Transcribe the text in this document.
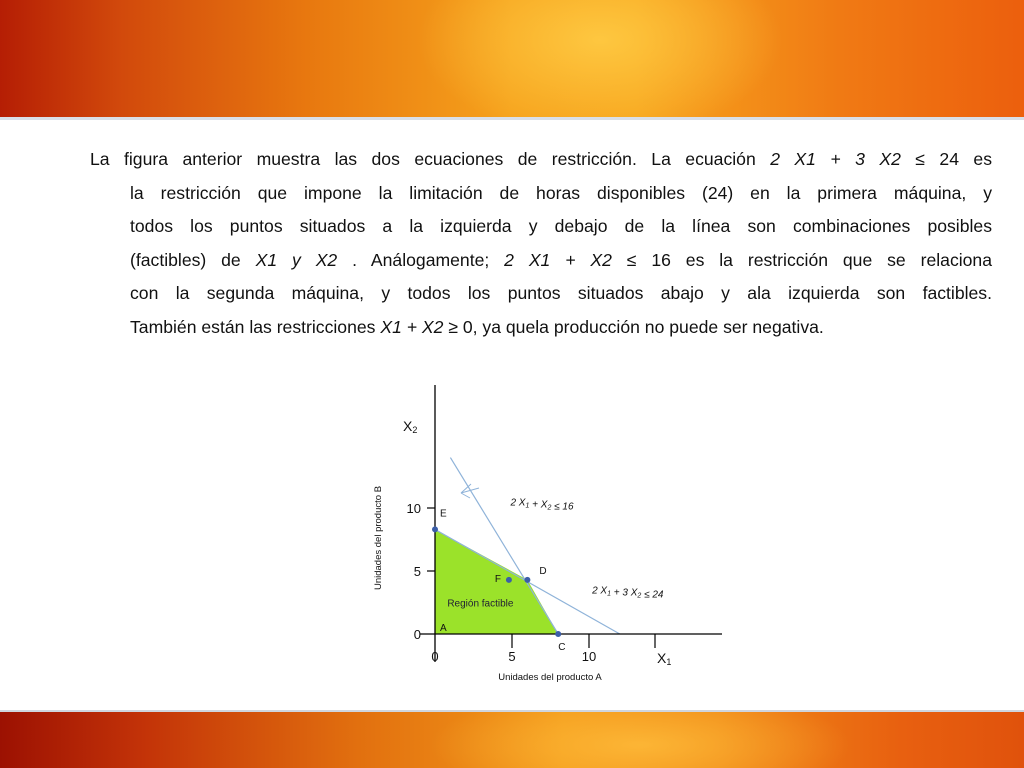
La figura anterior muestra las dos ecuaciones de restricción. La ecuación 2 X1 + 3 X2 ≤ 24 es
la restricción que impone la limitación de horas disponibles (24) en la primera máquina, y
todos los puntos situados a la izquierda y debajo de la línea son combinaciones posibles
(factibles) de X1 y X2 . Análogamente; 2 X1 + X2 ≤ 16 es la restricción que se relaciona
con la segunda máquina, y todos los puntos situados abajo y ala izquierda son factibles.
También están las restricciones X1 + X2 ≥ 0, ya quela producción no puede ser negativa.

Región factible
0	5	10
0
5
10
X2
X1
Unidades del producto A
Unidades del producto B	2 $X_1 + X_2 \le 16$
2 $X_1 + 3$ $X_2 \le 24$
A
E
F
D
C
